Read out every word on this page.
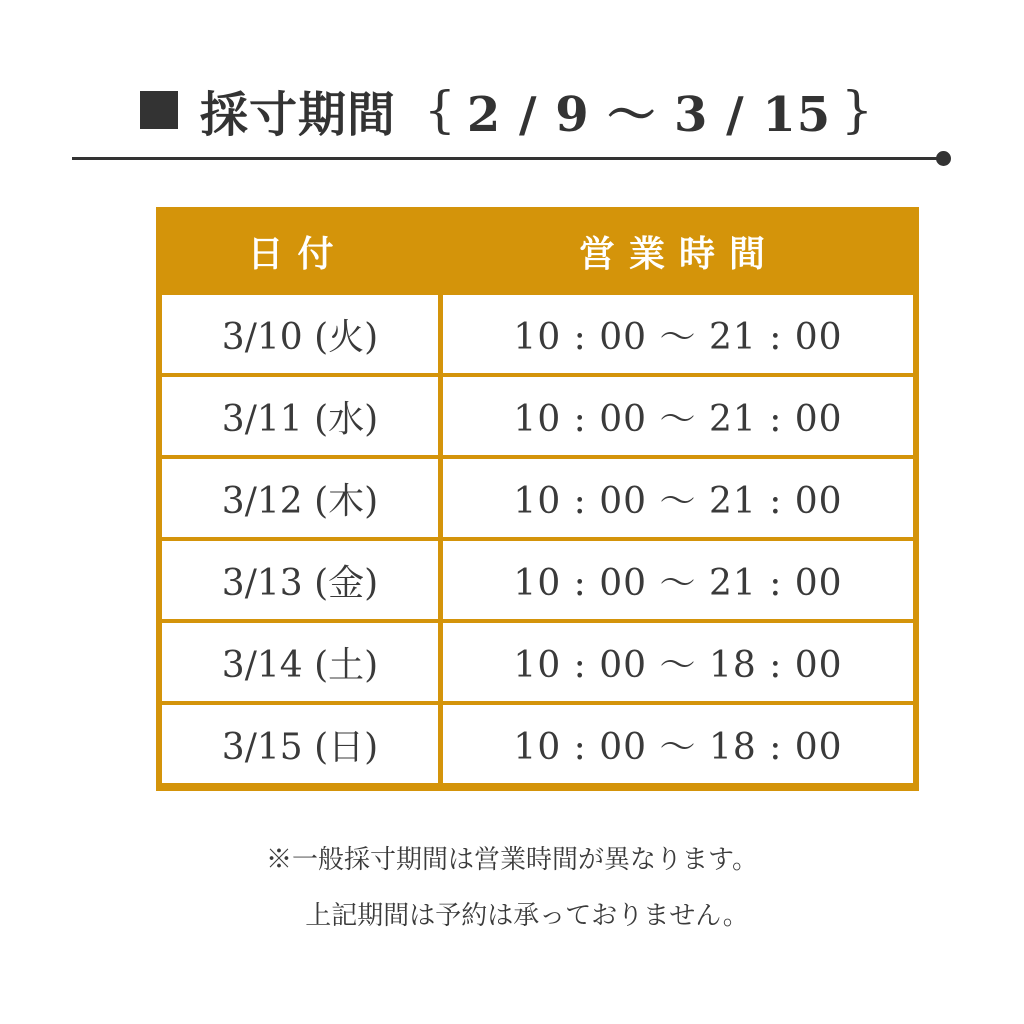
採寸期間 { 2 / 9 ～ 3 / 15 }
日付	営業時間
3/10 (火)	10 : 00 ～ 21 : 00
3/11 (水)	10 : 00 ～ 21 : 00
3/12 (木)	10 : 00 ～ 21 : 00
3/13 (金)	10 : 00 ～ 21 : 00
3/14 (土)	10 : 00 ～ 18 : 00
3/15 (日)	10 : 00 ～ 18 : 00
※一般採寸期間は営業時間が異なります。
上記期間は予約は承っておりません。
